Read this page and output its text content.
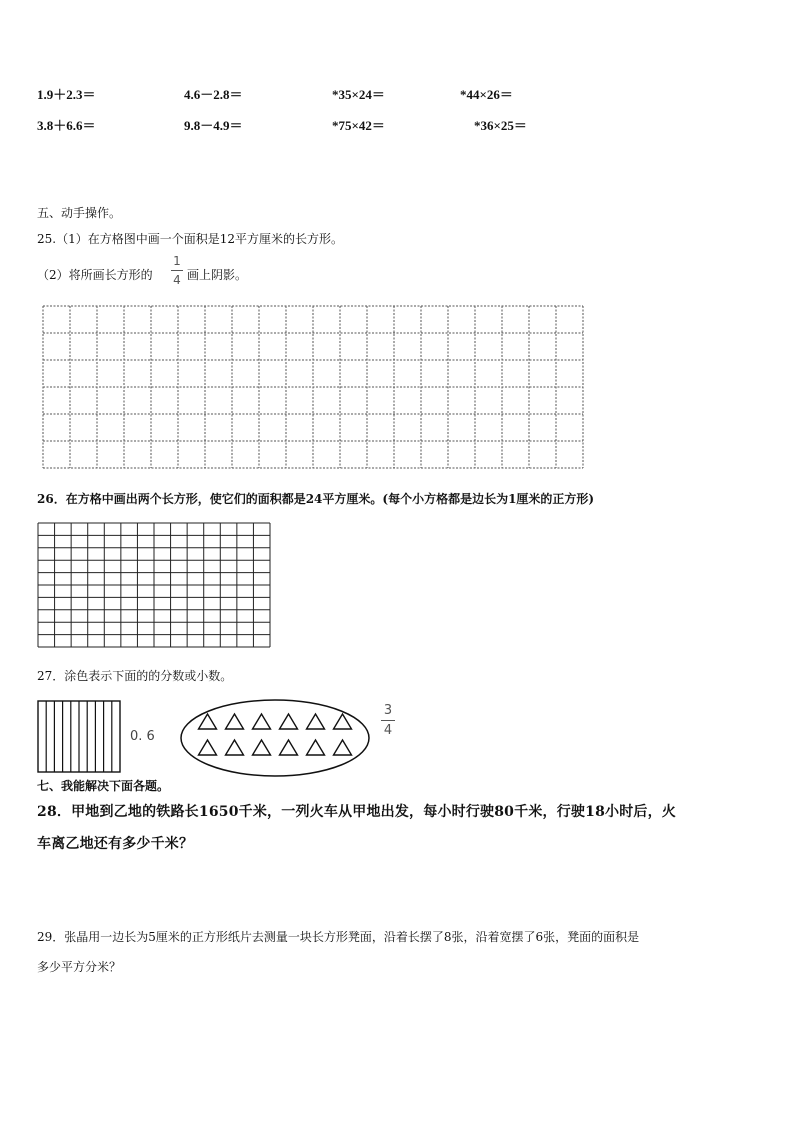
1.9＋2.3＝	4.6－2.8＝	*35×24＝	*44×26＝
3.8＋6.6＝	9.8－4.9＝	*75×42＝	*36×25＝
五、动手操作。
25.（1）在方格图中画一个面积是12平方厘米的长方形。
（2）将所画长方形的
1
4 画上阴影。
26．在方格中画出两个长方形，使它们的面积都是24平方厘米。(每个小方格都是边长为1厘米的正方形)
27．涂色表示下面的的分数或小数。
0. 6
3
4
七、我能解决下面各题。
28．甲地到乙地的铁路长1650千米，一列火车从甲地出发，每小时行驶80千米，行驶18小时后，火
车离乙地还有多少千米？
29．张晶用一边长为5厘米的正方形纸片去测量一块长方形凳面，沿着长摆了8张，沿着宽摆了6张，凳面的面积是
多少平方分米？
